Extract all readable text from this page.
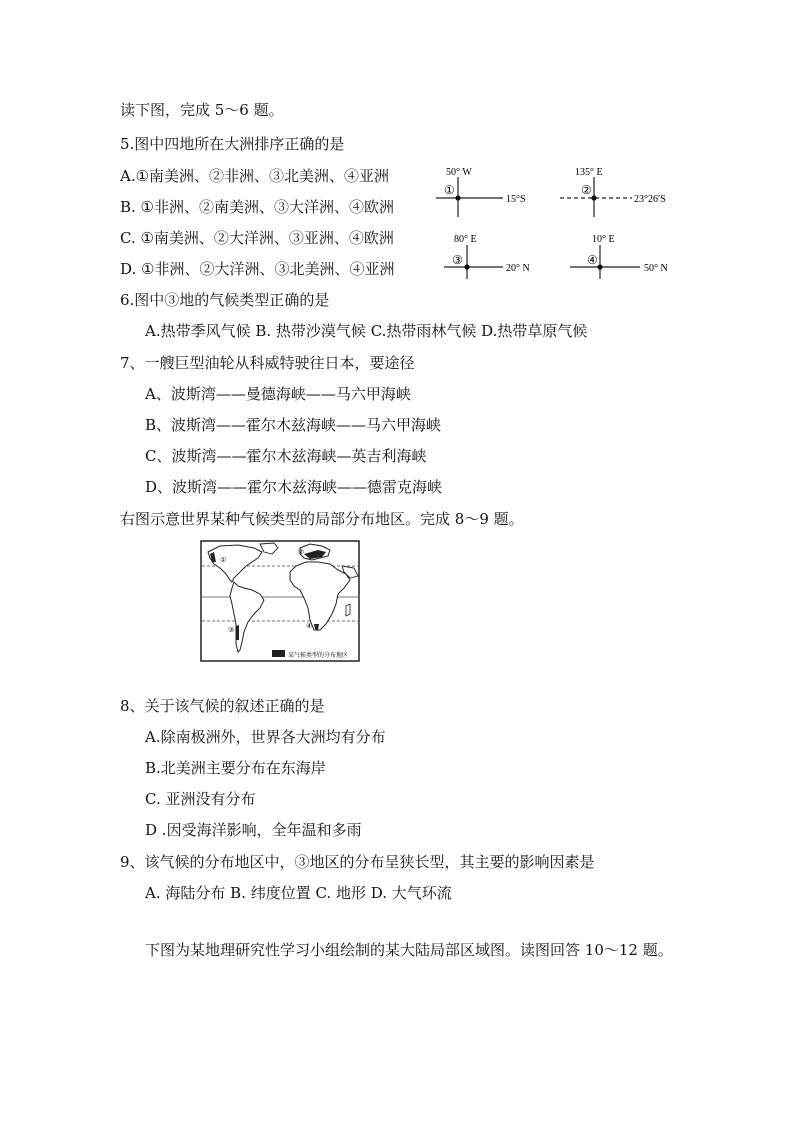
读下图，完成 5～6 题。
5.图中四地所在大洲排序正确的是
A.①南美洲、②非洲、③北美洲、④亚洲
B. ①非洲、②南美洲、③大洋洲、④欧洲
C. ①南美洲、②大洋洲、③亚洲、④欧洲
D. ①非洲、②大洋洲、③北美洲、④亚洲
50° W
①
15°S
135° E
②
23°26′S
80° E
③
20° N
10° E
④
50° N
6.图中③地的气候类型正确的是
A.热带季风气候 B. 热带沙漠气候 C.热带雨林气候 D.热带草原气候
7、一艘巨型油轮从科威特驶往日本，要途径
A、波斯湾——曼德海峡——马六甲海峡
B、波斯湾——霍尔木兹海峡——马六甲海峡
C、波斯湾——霍尔木兹海峡—英吉利海峡
D、波斯湾——霍尔木兹海峡——德雷克海峡
右图示意世界某种气候类型的局部分布地区。完成 8～9 题。
①
②
③	④
某气候类型的分布地区
8、关于该气候的叙述正确的是
A.除南极洲外，世界各大洲均有分布
B.北美洲主要分布在东海岸
C. 亚洲没有分布
D .因受海洋影响，全年温和多雨
9、该气候的分布地区中，③地区的分布呈狭长型，其主要的影响因素是
A. 海陆分布 B. 纬度位置 C. 地形 D. 大气环流
下图为某地理研究性学习小组绘制的某大陆局部区域图。读图回答 10～12 题。
